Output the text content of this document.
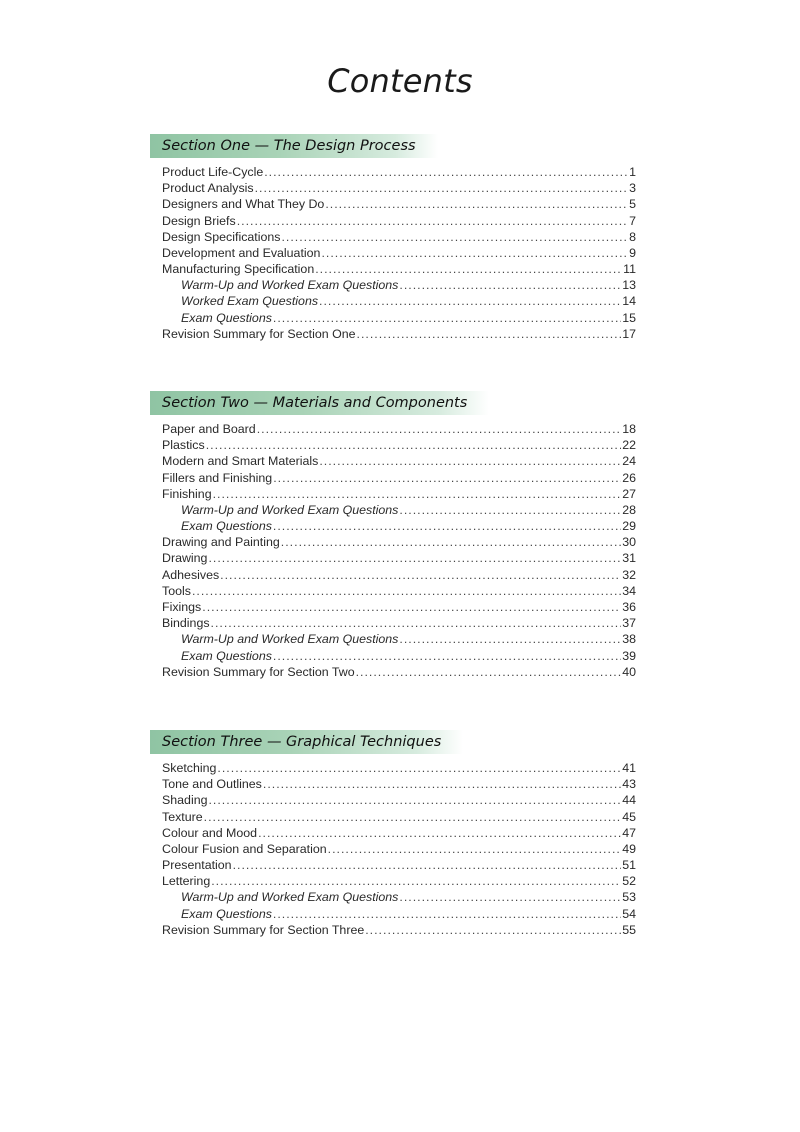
Contents
Section One — The Design Process
Product Life-Cycle .....	1
Product Analysis .....	3
Designers and What They Do .....	5
Design Briefs .....	7
Design Specifications .....	8
Development and Evaluation .....	9
Manufacturing Specification .....	11
Warm-Up and Worked Exam Questions .....	13
Worked Exam Questions .....	14
Exam Questions .....	15
Revision Summary for Section One .....	17
Section Two — Materials and Components
Paper and Board .....	18
Plastics .....	22
Modern and Smart Materials .....	24
Fillers and Finishing .....	26
Finishing .....	27
Warm-Up and Worked Exam Questions .....	28
Exam Questions .....	29
Drawing and Painting .....	30
Drawing .....	31
Adhesives .....	32
Tools .....	34
Fixings .....	36
Bindings .....	37
Warm-Up and Worked Exam Questions .....	38
Exam Questions .....	39
Revision Summary for Section Two .....	40
Section Three — Graphical Techniques
Sketching .....	41
Tone and Outlines .....	43
Shading .....	44
Texture .....	45
Colour and Mood .....	47
Colour Fusion and Separation .....	49
Presentation .....	51
Lettering .....	52
Warm-Up and Worked Exam Questions .....	53
Exam Questions .....	54
Revision Summary for Section Three .....	55
